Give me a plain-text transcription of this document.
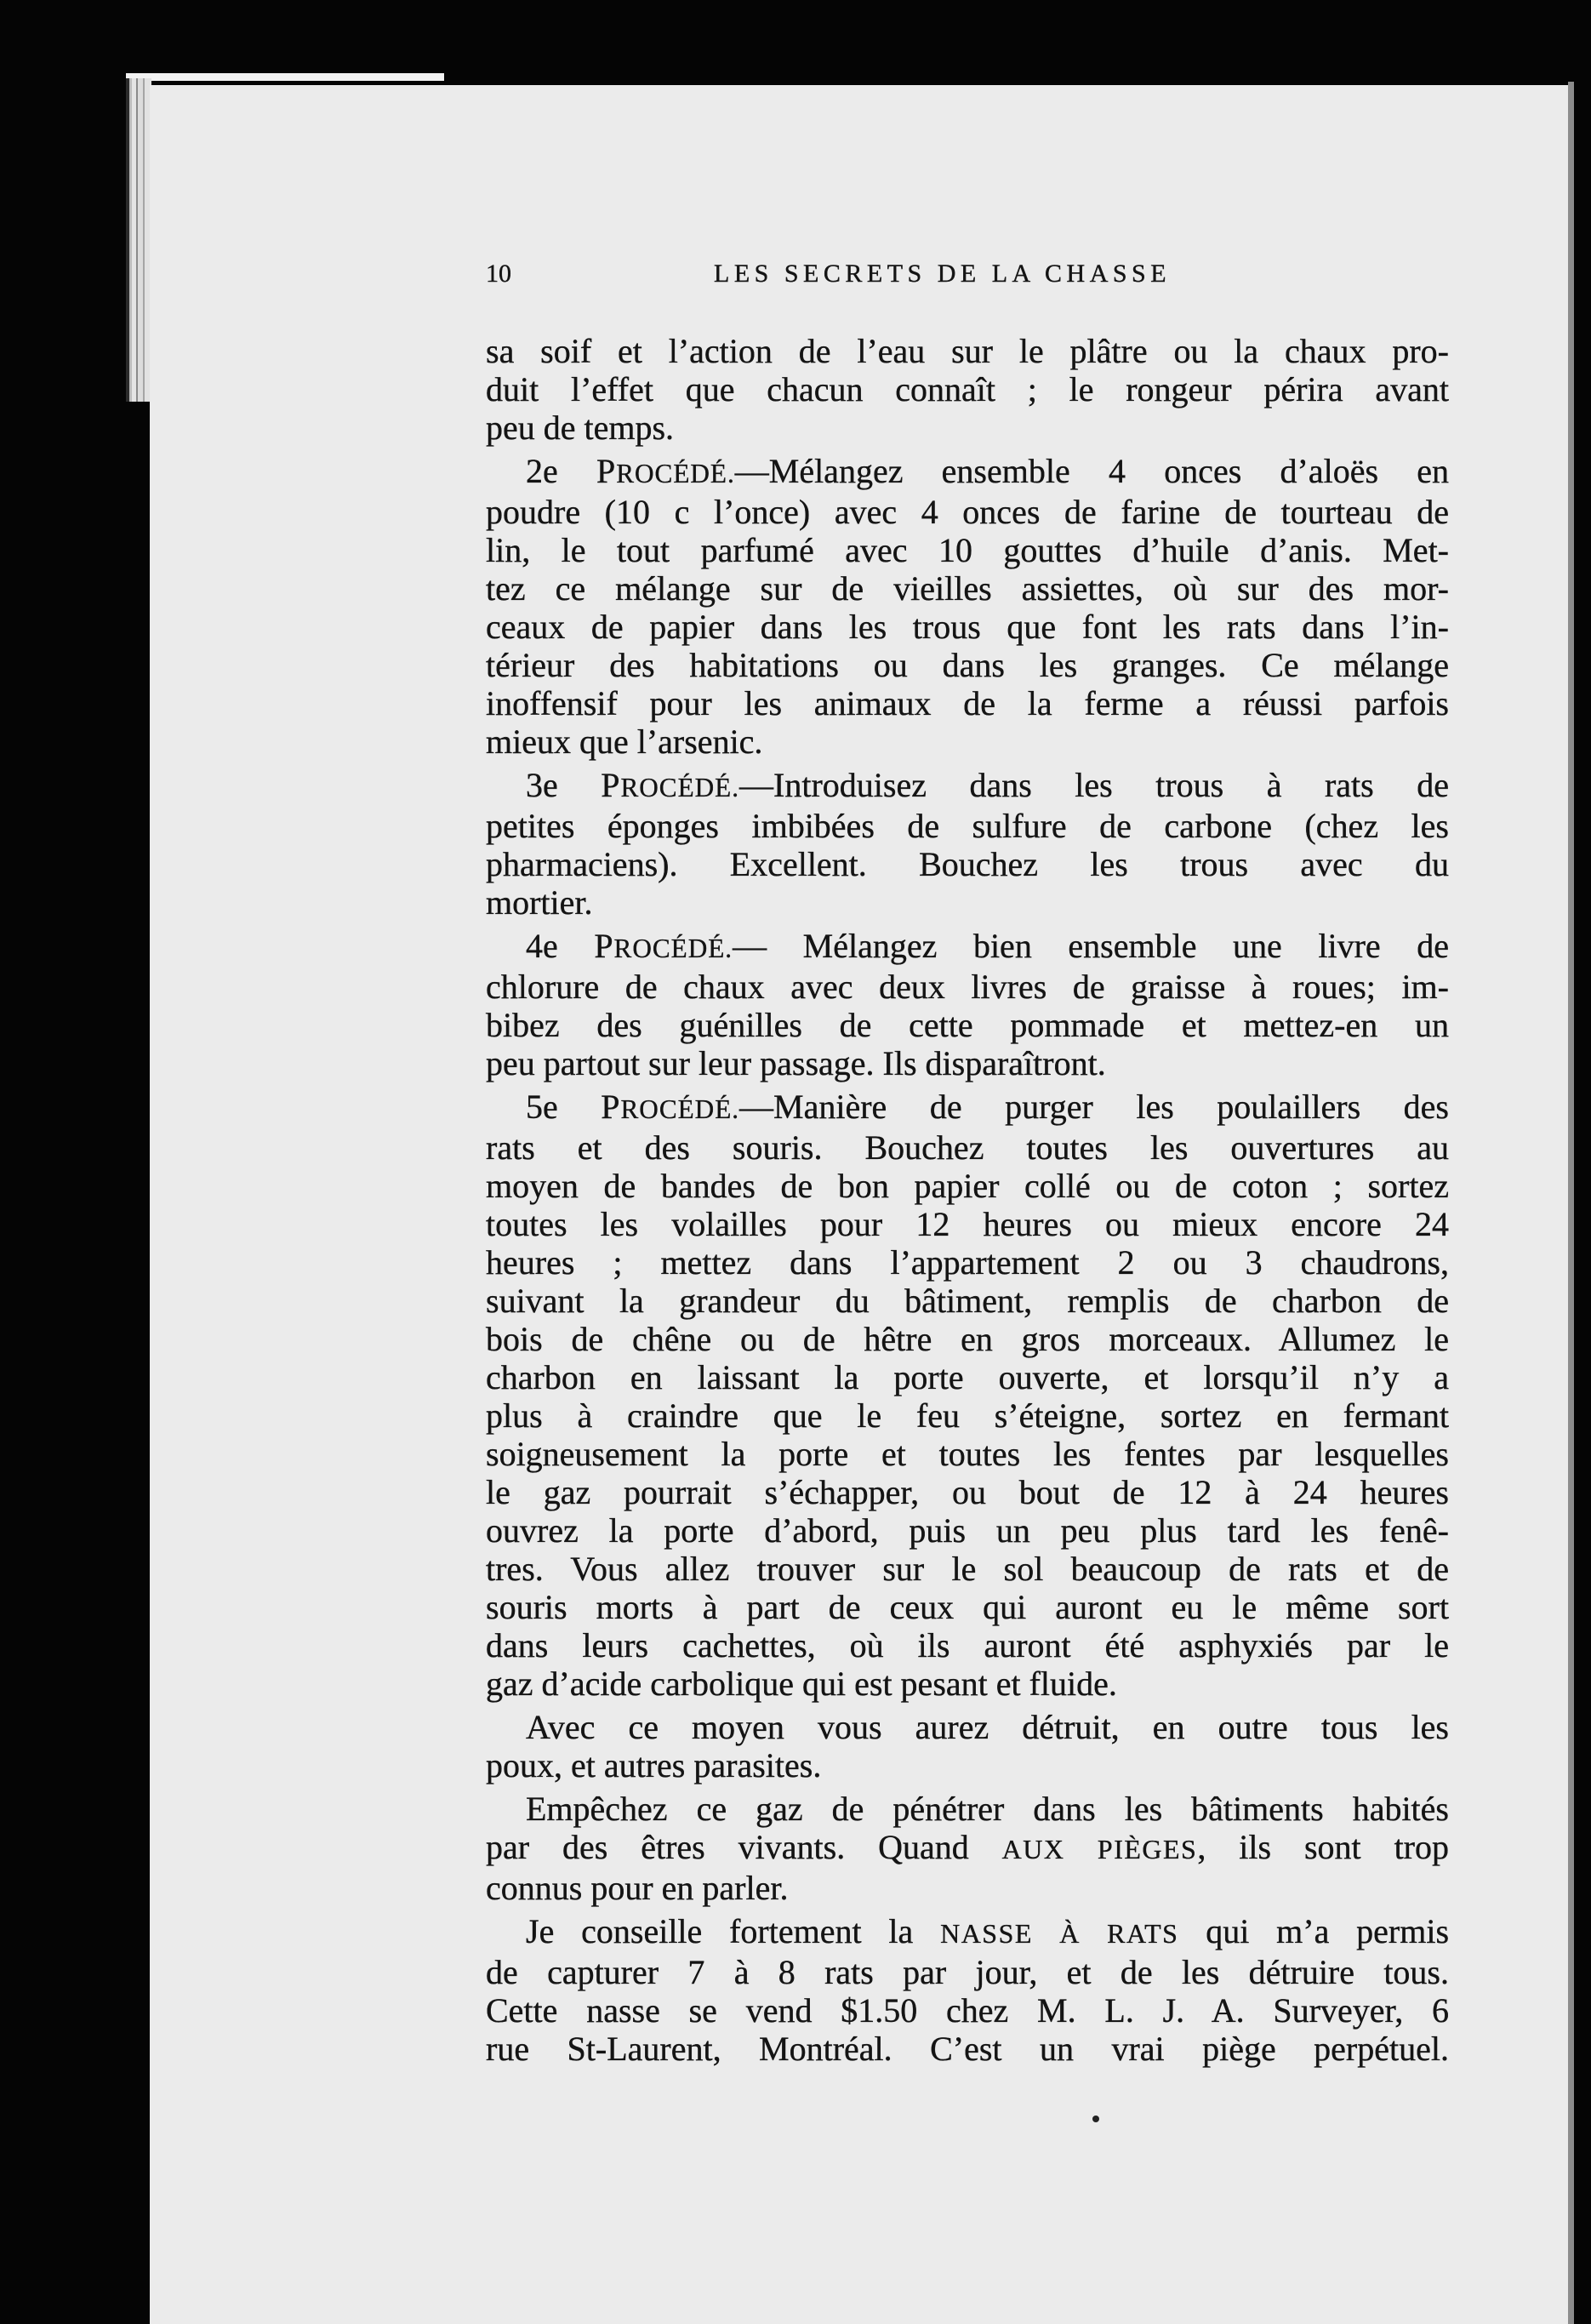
10	LES SECRETS DE LA CHASSE
sa soif et l’action de l’eau sur le plâtre ou la chaux pro-
duit l’effet que chacun connaît ; le rongeur périra avant
peu de temps.
2e PROCÉDÉ.—Mélangez ensemble 4 onces d’aloës en
poudre (10 c l’once) avec 4 onces de farine de tourteau de
lin, le tout parfumé avec 10 gouttes d’huile d’anis. Met-
tez ce mélange sur de vieilles assiettes, où sur des mor-
ceaux de papier dans les trous que font les rats dans l’in-
térieur des habitations ou dans les granges. Ce mélange
inoffensif pour les animaux de la ferme a réussi parfois
mieux que l’arsenic.
3e PROCÉDÉ.—Introduisez dans les trous à rats de
petites éponges imbibées de sulfure de carbone (chez les
pharmaciens). Excellent. Bouchez les trous avec du
mortier.
4e PROCÉDÉ.— Mélangez bien ensemble une livre de
chlorure de chaux avec deux livres de graisse à roues; im-
bibez des guénilles de cette pommade et mettez-en un
peu partout sur leur passage. Ils disparaîtront.
5e PROCÉDÉ.—Manière de purger les poulaillers des
rats et des souris. Bouchez toutes les ouvertures au
moyen de bandes de bon papier collé ou de coton ; sortez
toutes les volailles pour 12 heures ou mieux encore 24
heures ; mettez dans l’appartement 2 ou 3 chaudrons,
suivant la grandeur du bâtiment, remplis de charbon de
bois de chêne ou de hêtre en gros morceaux. Allumez le
charbon en laissant la porte ouverte, et lorsqu’il n’y a
plus à craindre que le feu s’éteigne, sortez en fermant
soigneusement la porte et toutes les fentes par lesquelles
le gaz pourrait s’échapper, ou bout de 12 à 24 heures
ouvrez la porte d’abord, puis un peu plus tard les fenê-
tres. Vous allez trouver sur le sol beaucoup de rats et de
souris morts à part de ceux qui auront eu le même sort
dans leurs cachettes, où ils auront été asphyxiés par le
gaz d’acide carbolique qui est pesant et fluide.
Avec ce moyen vous aurez détruit, en outre tous les
poux, et autres parasites.
Empêchez ce gaz de pénétrer dans les bâtiments habités
par des êtres vivants. Quand AUX PIÈGES, ils sont trop
connus pour en parler.
Je conseille fortement la NASSE À RATS qui m’a permis
de capturer 7 à 8 rats par jour, et de les détruire tous.
Cette nasse se vend $1.50 chez M. L. J. A. Surveyer, 6
rue St-Laurent, Montréal. C’est un vrai piège perpétuel.
